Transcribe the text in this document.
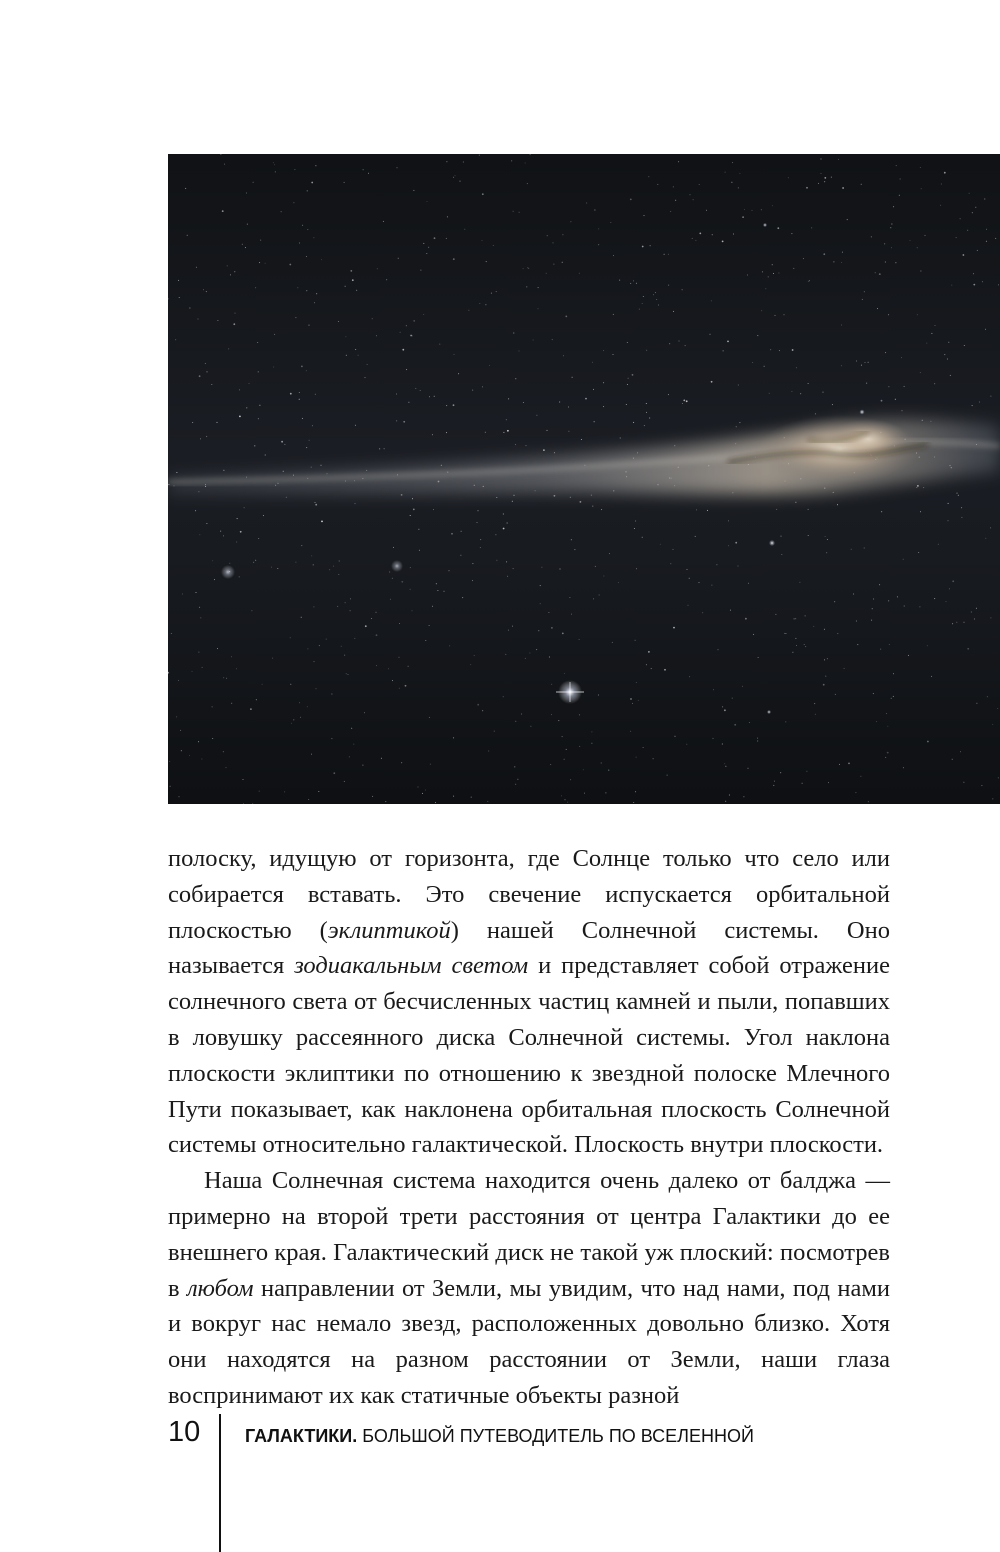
полоску, идущую от горизонта, где Солнце только что село или собирается вставать. Это свечение испускается орбитальной плоскостью (эклиптикой) нашей Солнечной системы. Оно называется зодиакальным светом и представляет собой отражение солнечного света от бесчисленных частиц камней и пыли, попавших в ловушку рассеянного диска Солнечной системы. Угол наклона плоскости эклиптики по отношению к звездной полоске Млечного Пути показывает, как наклонена орбитальная плоскость Солнечной системы относительно галактической. Плоскость внутри плоскости.

Наша Солнечная система находится очень далеко от балджа — примерно на второй трети расстояния от центра Галактики до ее внешнего края. Галактический диск не такой уж плоский: посмотрев в любом направлении от Земли, мы увидим, что над нами, под нами и вокруг нас немало звезд, расположенных довольно близко. Хотя они находятся на разном расстоянии от Земли, наши глаза воспринимают их как статичные объекты разной

10 ГАЛАКТИКИ. БОЛЬШОЙ ПУТЕВОДИТЕЛЬ ПО ВСЕЛЕННОЙ
